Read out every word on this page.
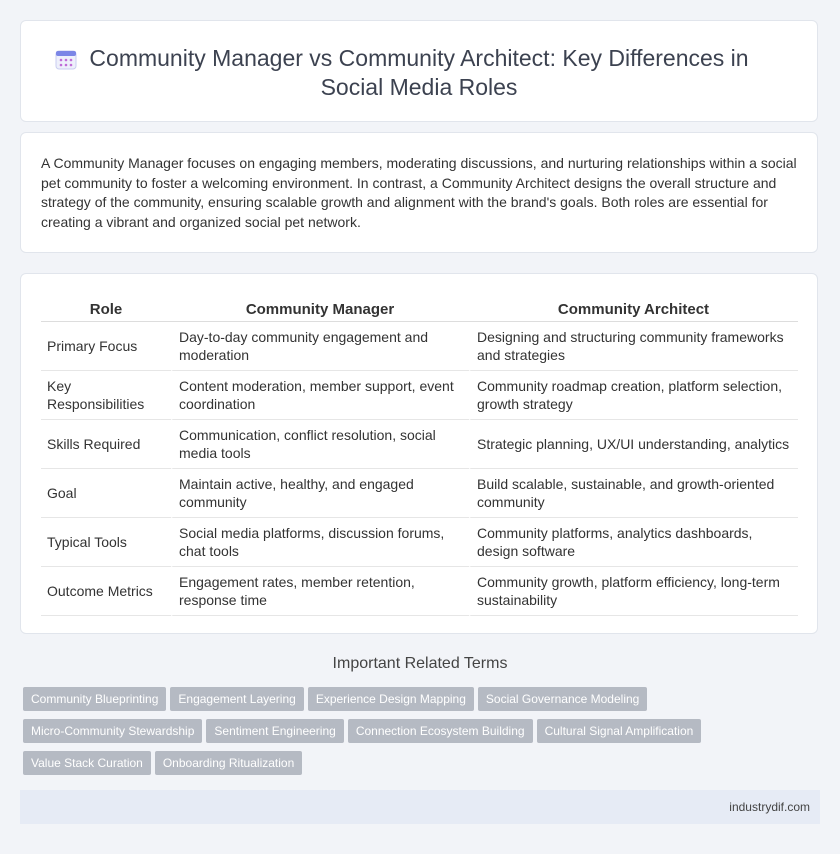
Community Manager vs Community Architect: Key Differences in
Social Media Roles
A Community Manager focuses on engaging members, moderating discussions, and nurturing relationships within a social pet community to foster a welcoming environment. In contrast, a Community Architect designs the overall structure and strategy of the community, ensuring scalable growth and alignment with the brand's goals. Both roles are essential for creating a vibrant and organized social pet network.
Role	Community Manager	Community Architect
Primary Focus	Day-to-day community engagement and moderation	Designing and structuring community frameworks and strategies
Key Responsibilities	Content moderation, member support, event coordination	Community roadmap creation, platform selection, growth strategy
Skills Required	Communication, conflict resolution, social media tools	Strategic planning, UX/UI understanding, analytics
Goal	Maintain active, healthy, and engaged community	Build scalable, sustainable, and growth-oriented community
Typical Tools	Social media platforms, discussion forums, chat tools	Community platforms, analytics dashboards, design software
Outcome Metrics	Engagement rates, member retention, response time	Community growth, platform efficiency, long-term sustainability
Important Related Terms
Community Blueprinting Engagement Layering Experience Design Mapping Social Governance Modeling
Micro-Community Stewardship Sentiment Engineering Connection Ecosystem Building Cultural Signal Amplification
Value Stack Curation Onboarding Ritualization
industrydif.com
